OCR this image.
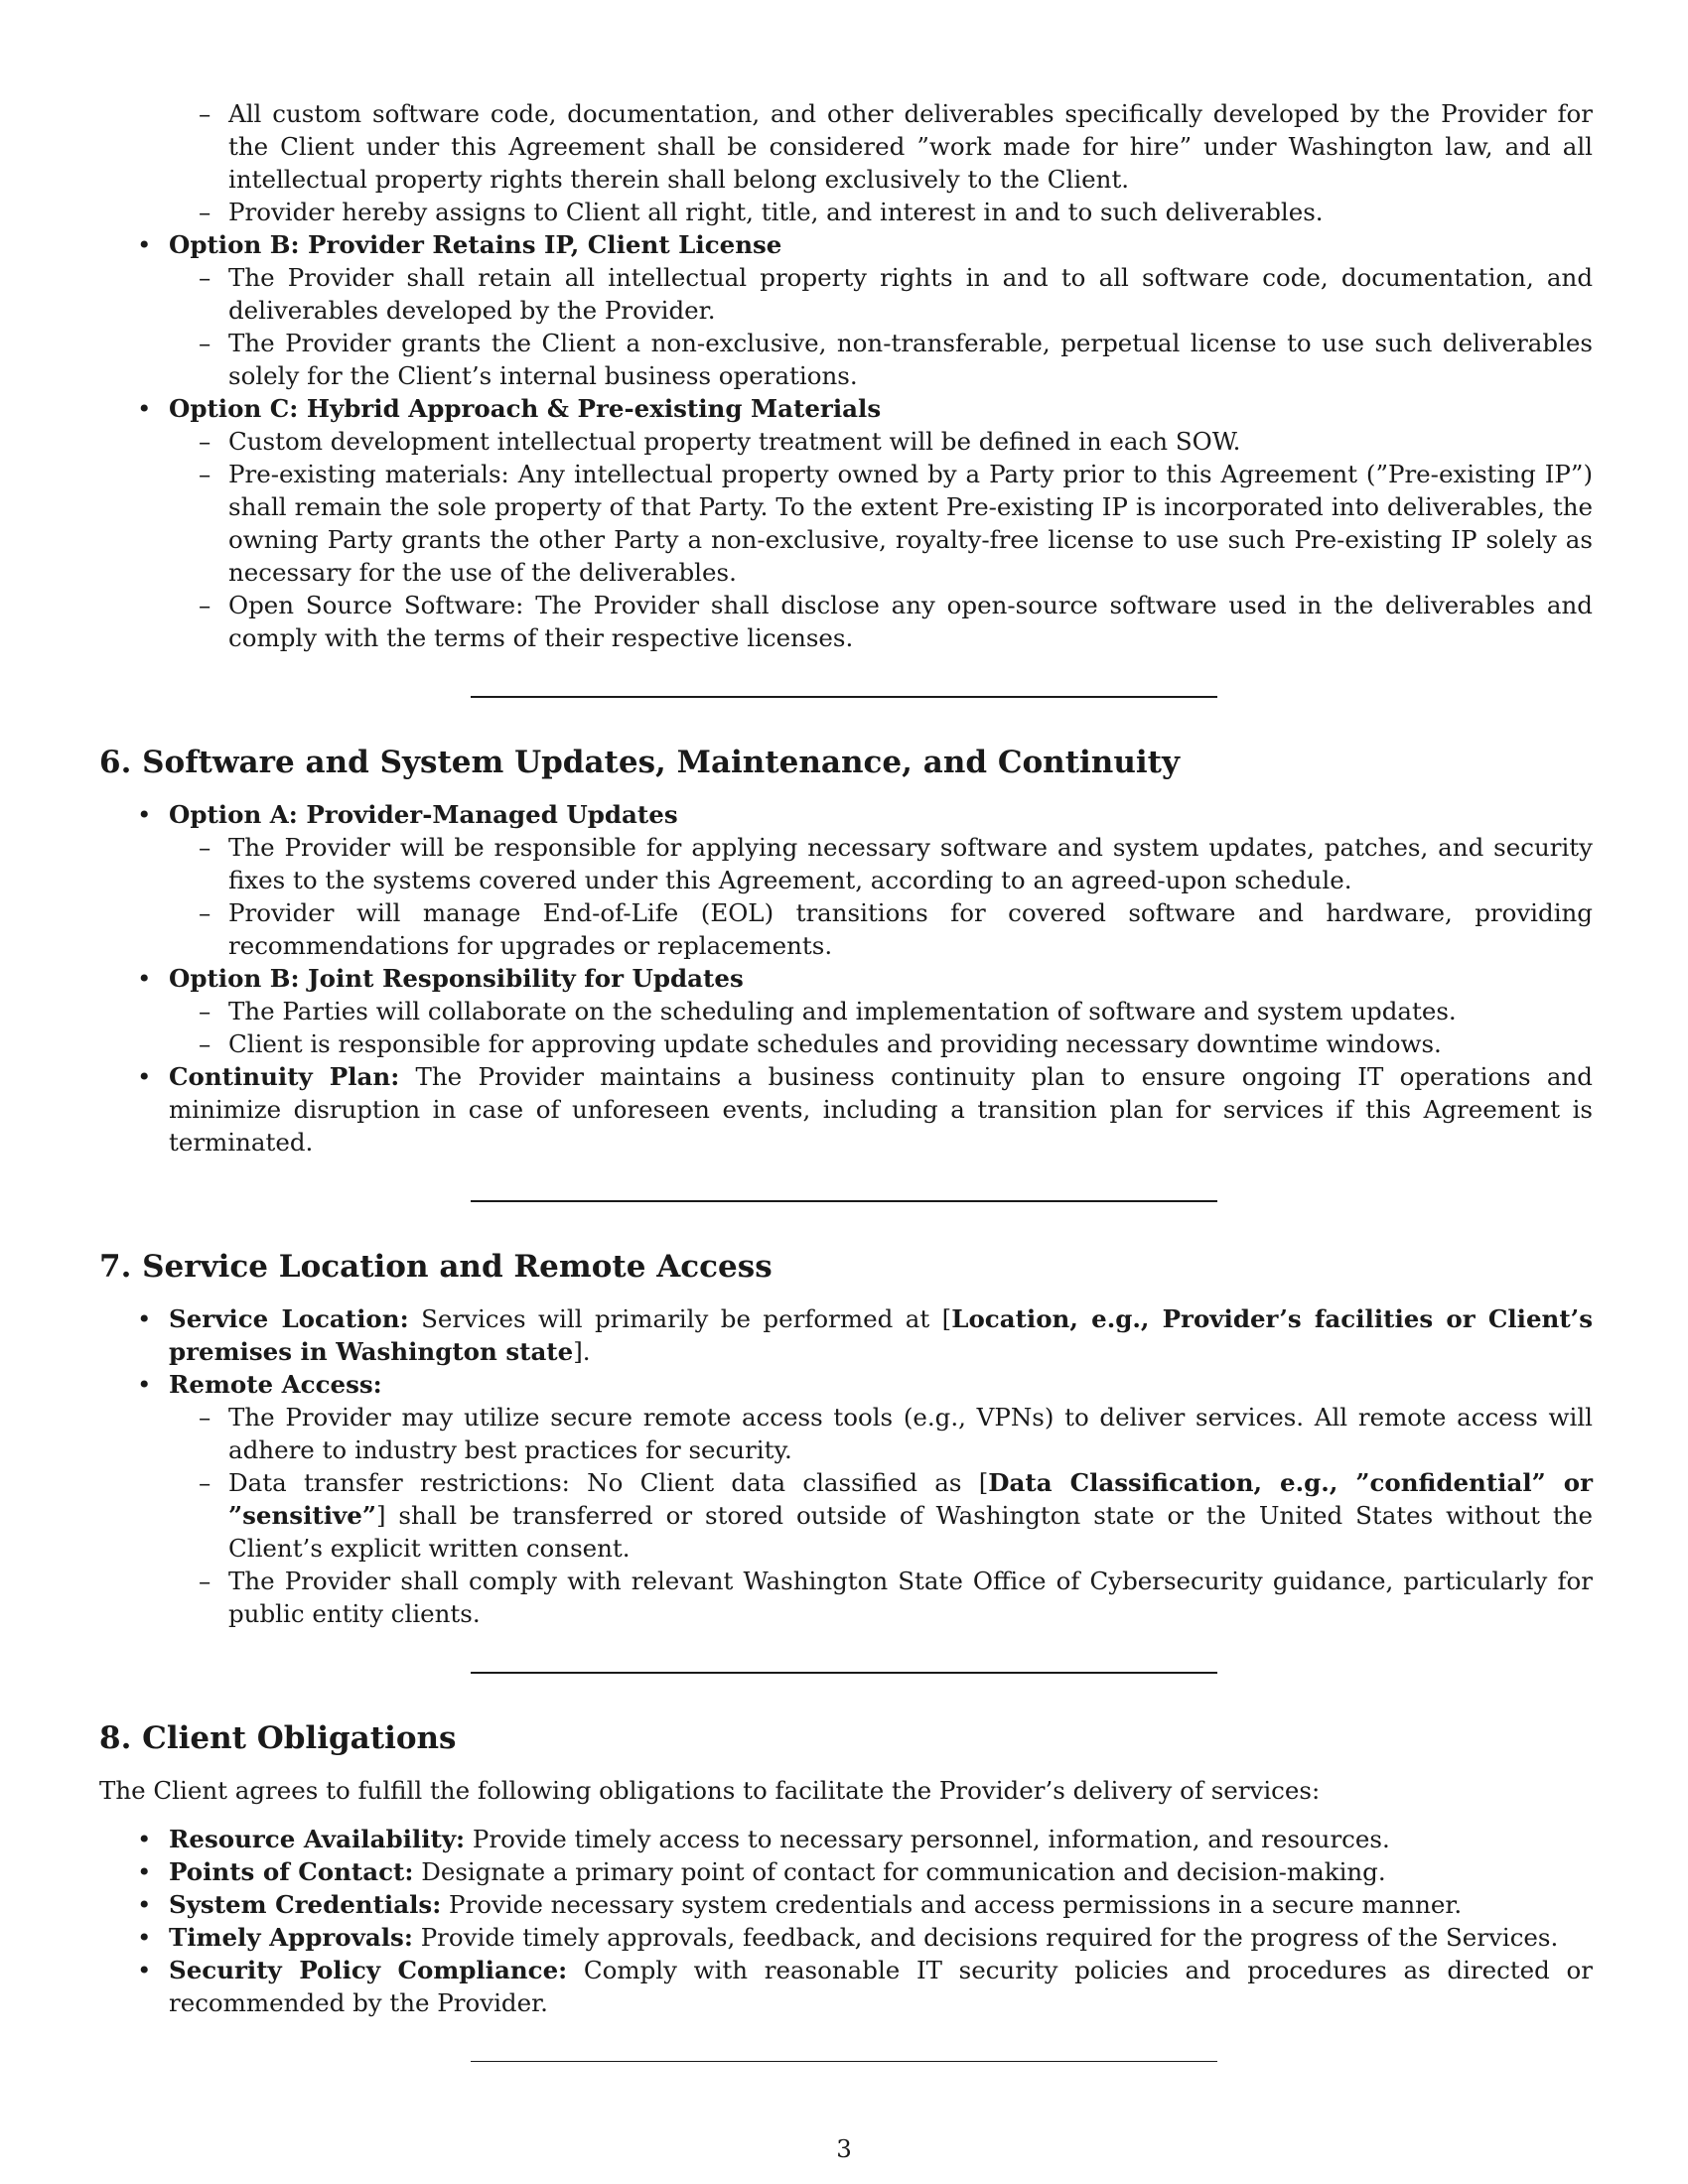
– All custom software code, documentation, and other deliverables specifically developed by the Provider for the Client under this Agreement shall be considered ”work made for hire” under Washington law, and all intellectual property rights therein shall belong exclusively to the Client.
– Provider hereby assigns to Client all right, title, and interest in and to such deliverables.
• Option B: Provider Retains IP, Client License
– The Provider shall retain all intellectual property rights in and to all software code, documentation, and deliverables developed by the Provider.
– The Provider grants the Client a non-exclusive, non-transferable, perpetual license to use such deliverables solely for the Client’s internal business operations.
• Option C: Hybrid Approach & Pre-existing Materials
– Custom development intellectual property treatment will be defined in each SOW.
– Pre-existing materials: Any intellectual property owned by a Party prior to this Agreement (”Pre-existing IP”) shall remain the sole property of that Party. To the extent Pre-existing IP is incorporated into deliverables, the owning Party grants the other Party a non-exclusive, royalty-free license to use such Pre-existing IP solely as necessary for the use of the deliverables.
– Open Source Software: The Provider shall disclose any open-source software used in the deliverables and comply with the terms of their respective licenses.
6. Software and System Updates, Maintenance, and Continuity
• Option A: Provider-Managed Updates
– The Provider will be responsible for applying necessary software and system updates, patches, and security fixes to the systems covered under this Agreement, according to an agreed-upon schedule.
– Provider will manage End-of-Life (EOL) transitions for covered software and hardware, providing recommendations for upgrades or replacements.
• Option B: Joint Responsibility for Updates
– The Parties will collaborate on the scheduling and implementation of software and system updates.
– Client is responsible for approving update schedules and providing necessary downtime windows.
• Continuity Plan: The Provider maintains a business continuity plan to ensure ongoing IT operations and minimize disruption in case of unforeseen events, including a transition plan for services if this Agreement is terminated.
7. Service Location and Remote Access
• Service Location: Services will primarily be performed at [Location, e.g., Provider’s facilities or Client’s premises in Washington state].
• Remote Access:
– The Provider may utilize secure remote access tools (e.g., VPNs) to deliver services. All remote access will adhere to industry best practices for security.
– Data transfer restrictions: No Client data classified as [Data Classification, e.g., ”confidential” or ”sensitive”] shall be transferred or stored outside of Washington state or the United States without the Client’s explicit written consent.
– The Provider shall comply with relevant Washington State Office of Cybersecurity guidance, particularly for public entity clients.
8. Client Obligations

The Client agrees to fulfill the following obligations to facilitate the Provider’s delivery of services:

• Resource Availability: Provide timely access to necessary personnel, information, and resources.
• Points of Contact: Designate a primary point of contact for communication and decision-making.
• System Credentials: Provide necessary system credentials and access permissions in a secure manner.
• Timely Approvals: Provide timely approvals, feedback, and decisions required for the progress of the Services.
• Security Policy Compliance: Comply with reasonable IT security policies and procedures as directed or recommended by the Provider.
3
